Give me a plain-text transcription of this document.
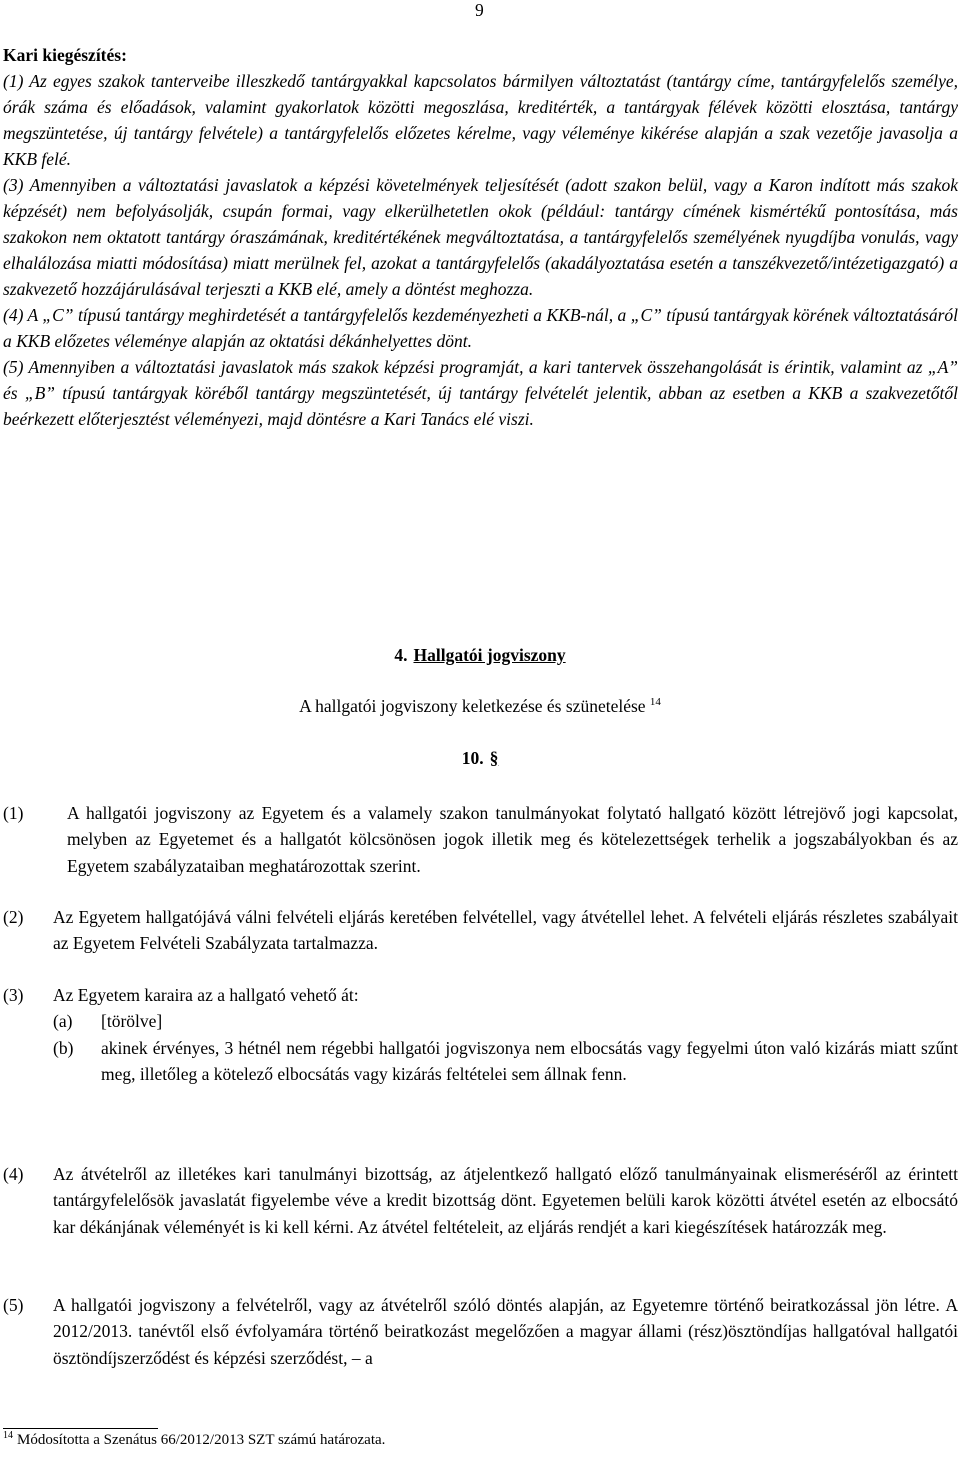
9
Kari kiegészítés:

(1) Az egyes szakok tanterveibe illeszkedő tantárgyakkal kapcsolatos bármilyen változtatást (tantárgy címe, tantárgyfelelős személye, órák száma és előadások, valamint gyakorlatok közötti megoszlása, kreditérték, a tantárgyak félévek közötti elosztása, tantárgy megszüntetése, új tantárgy felvétele) a tantárgyfelelős előzetes kérelme, vagy véleménye kikérése alapján a szak vezetője javasolja a KKB felé.

(3) Amennyiben a változtatási javaslatok a képzési követelmények teljesítését (adott szakon belül, vagy a Karon indított más szakok képzését) nem befolyásolják, csupán formai, vagy elkerülhetetlen okok (például: tantárgy címének kismértékű pontosítása, más szakokon nem oktatott tantárgy óraszámának, kreditértékének megváltoztatása, a tantárgyfelelős személyének nyugdíjba vonulás, vagy elhalálozása miatti módosítása) miatt merülnek fel, azokat a tantárgyfelelős (akadályoztatása esetén a tanszékvezető/intézetigazgató) a szakvezető hozzájárulásával terjeszti a KKB elé, amely a döntést meghozza.

(4) A „C” típusú tantárgy meghirdetését a tantárgyfelelős kezdeményezheti a KKB-nál, a „C” típusú tantárgyak körének változtatásáról a KKB előzetes véleménye alapján az oktatási dékánhelyettes dönt.

(5) Amennyiben a változtatási javaslatok más szakok képzési programját, a kari tantervek összehangolását is érintik, valamint az „A” és „B” típusú tantárgyak köréből tantárgy megszüntetését, új tantárgy felvételét jelentik, abban az esetben a KKB a szakvezetőtől beérkezett előterjesztést véleményezi, majd döntésre a Kari Tanács elé viszi.

4. Hallgatói jogviszony
A hallgatói jogviszony keletkezése és szünetelése $^{14}$
10. §
(1)	A hallgatói jogviszony az Egyetem és a valamely szakon tanulmányokat folytató hallgató között létrejövő jogi kapcsolat, melyben az Egyetemet és a hallgatót kölcsönösen jogok illetik meg és kötelezettségek terhelik a jogszabályokban és az Egyetem szabályzataiban meghatározottak szerint.
(2)	Az Egyetem hallgatójává válni felvételi eljárás keretében felvétellel, vagy átvétellel lehet. A felvételi eljárás részletes szabályait az Egyetem Felvételi Szabályzata tartalmazza.
(3)	Az Egyetem karaira az a hallgató vehető át:
(a)	[törölve]
(b)	akinek érvényes, 3 hétnél nem régebbi hallgatói jogviszonya nem elbocsátás vagy fegyelmi úton való kizárás miatt szűnt meg, illetőleg a kötelező elbocsátás vagy kizárás feltételei sem állnak fenn.
(4)	Az átvételről az illetékes kari tanulmányi bizottság, az átjelentkező hallgató előző tanulmányainak elismeréséről az érintett tantárgyfelelősök javaslatát figyelembe véve a kredit bizottság dönt. Egyetemen belüli karok közötti átvétel esetén az elbocsátó kar dékánjának véleményét is ki kell kérni. Az átvétel feltételeit, az eljárás rendjét a kari kiegészítések határozzák meg.
(5)	A hallgatói jogviszony a felvételről, vagy az átvételről szóló döntés alapján, az Egyetemre történő beiratkozással jön létre. A 2012/2013. tanévtől első évfolyamára történő beiratkozást megelőzően a magyar állami (rész)ösztöndíjas hallgatóval hallgatói ösztöndíjszerződést és képzési szerződést, – a
$^{14}$ Módosította a Szenátus 66/2012/2013 SZT számú határozata.
